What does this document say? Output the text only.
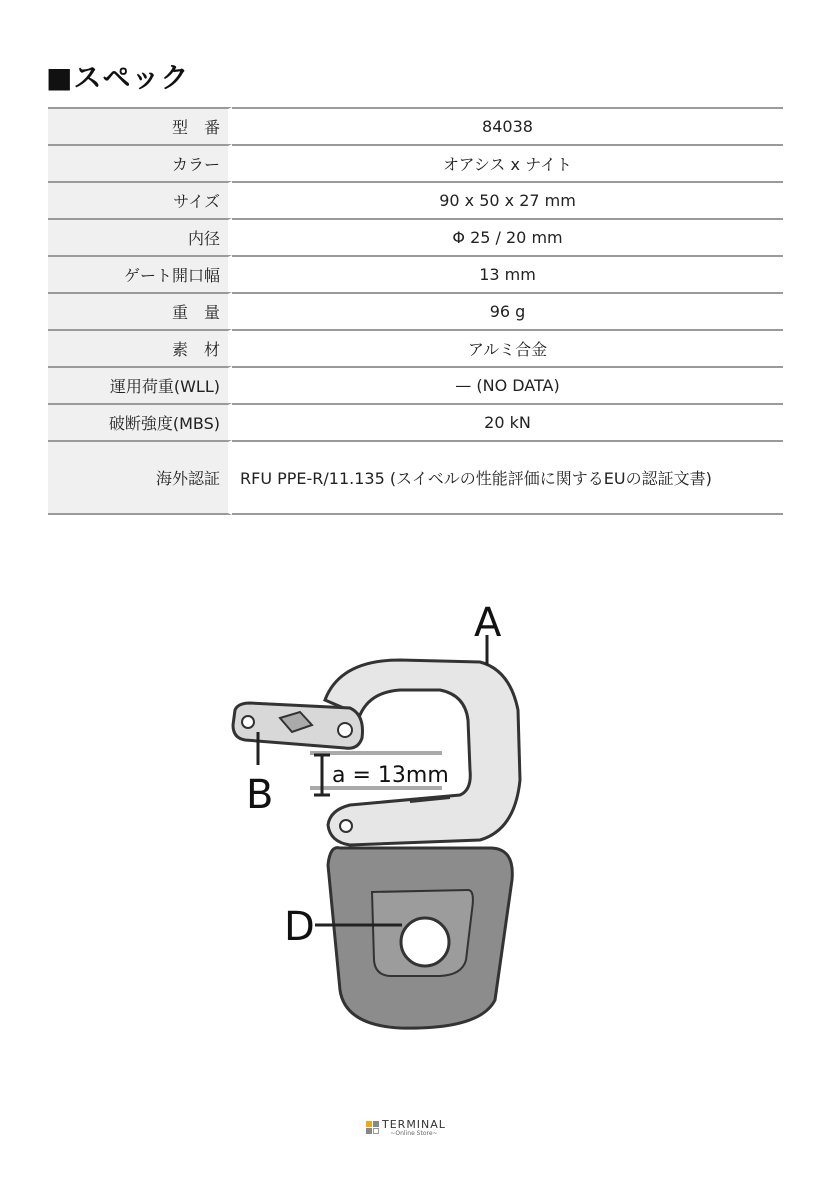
■スペック
型　番	84038
カラー	オアシス x ナイト
サイズ	90 x 50 x 27 mm
内径	Φ 25 / 20 mm
ゲート開口幅	13 mm
重　量	96 g
素　材	アルミ合金
運用荷重(WLL)	— (NO DATA)
破断強度(MBS)	20 kN
海外認証	RFU PPE-R/11.135 (スイベルの性能評価に関するEUの認証文書)
a = 13mm
A
B
D
TERMINAL
~Online Store~
